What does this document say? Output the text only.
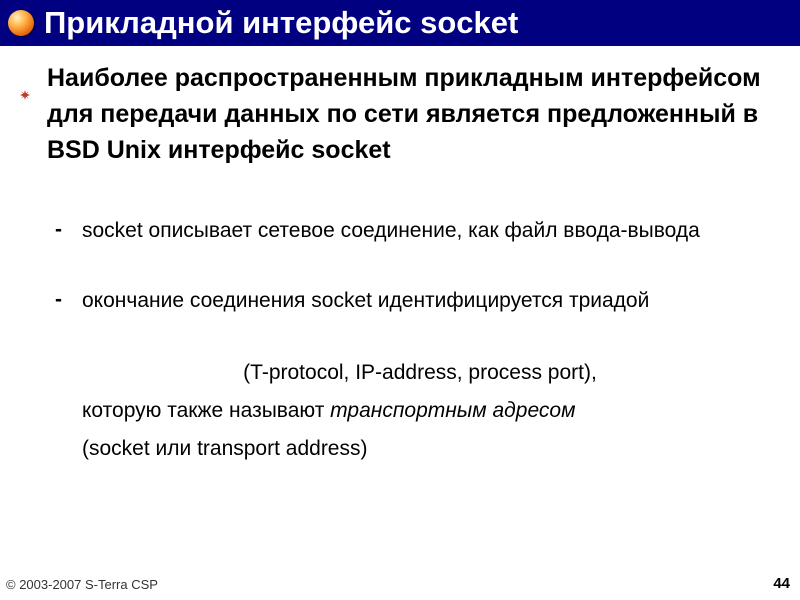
Прикладной интерфейс socket
Наиболее распространенным прикладным интерфейсом для передачи данных по сети является предложенный в BSD Unix интерфейс socket
- socket описывает сетевое соединение, как файл ввода-вывода
- окончание соединения socket идентифицируется триадой
(T-protocol, IP-address, process port),
которую также называют транспортным адресом
(socket или transport address)
© 2003-2007 S-Terra CSP	44
